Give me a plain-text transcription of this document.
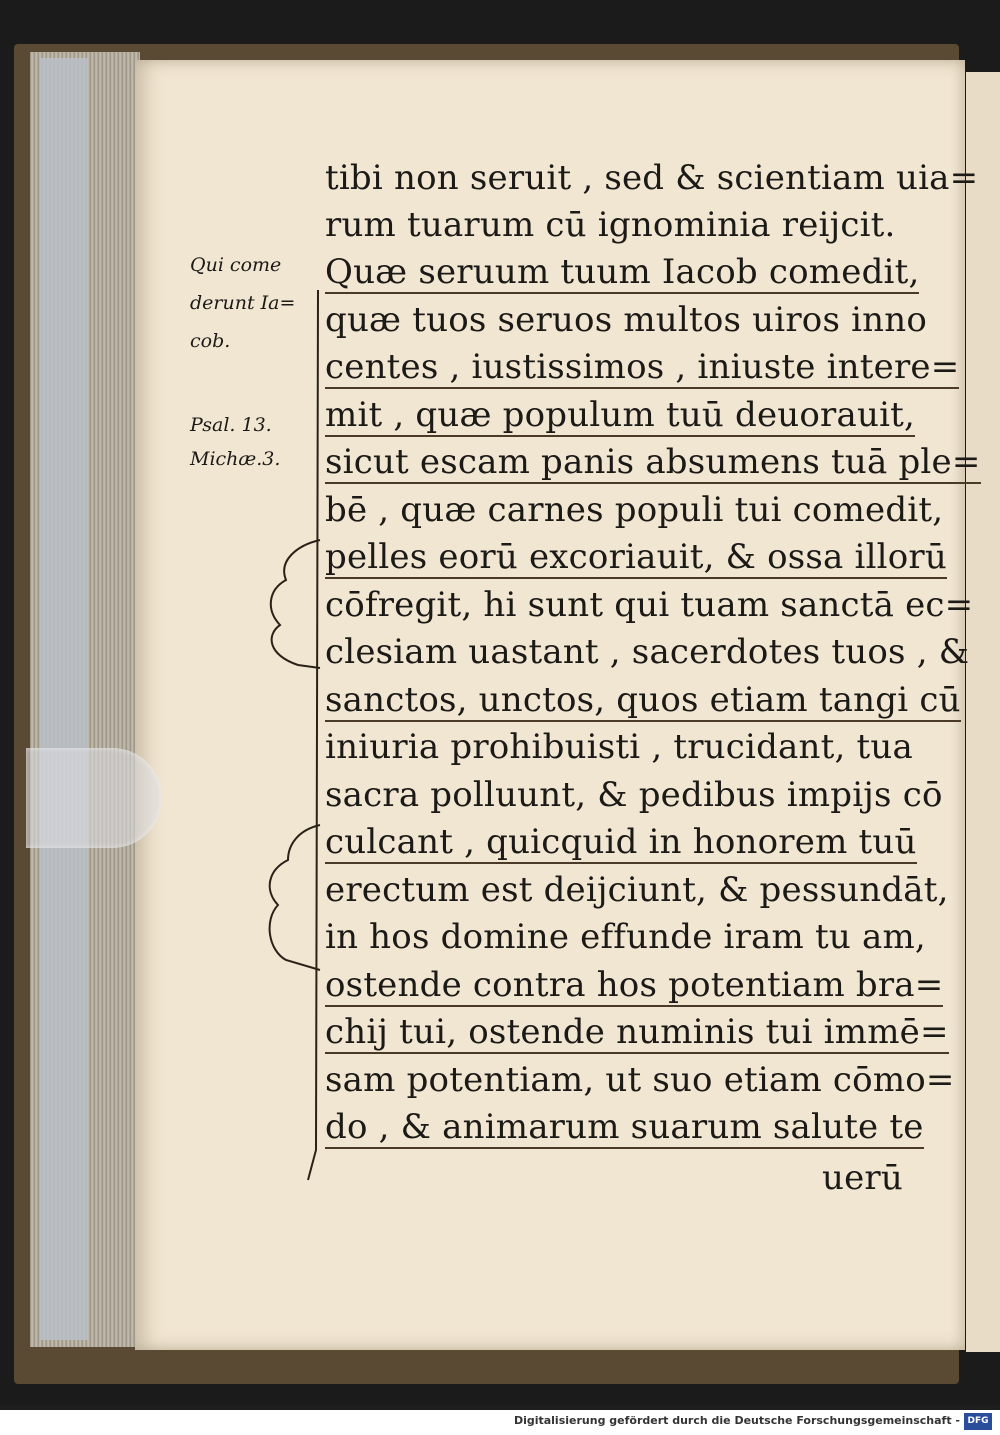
Qui come
derunt Ia=
cob.
Psal. 13.
Michæ.3.
tibi non seruit , sed & scientiam uia=
rum tuarum cū ignominia reijcit.
Quæ seruum tuum Iacob comedit,
quæ tuos seruos multos uiros inno
centes , iustissimos , iniuste intere=
mit , quæ populum tuū deuorauit,
sicut escam panis absumens tuā ple=
bē , quæ carnes populi tui comedit,
pelles eorū excoriauit, & ossa illorū
cōfregit, hi sunt qui tuam sanctā ec=
clesiam uastant , sacerdotes tuos , &
sanctos, unctos, quos etiam tangi cū
iniuria prohibuisti , trucidant, tua
sacra polluunt, & pedibus impijs cō
culcant , quicquid in honorem tuū
erectum est deijciunt, & pessundāt,
in hos domine effunde iram tu am,
ostende contra hos potentiam bra=
chij tui, ostende numinis tui immē=
sam potentiam, ut suo etiam cōmo=
do , & animarum suarum salute te
uerū
Digitalisierung gefördert durch die Deutsche Forschungsgemeinschaft - DFG
